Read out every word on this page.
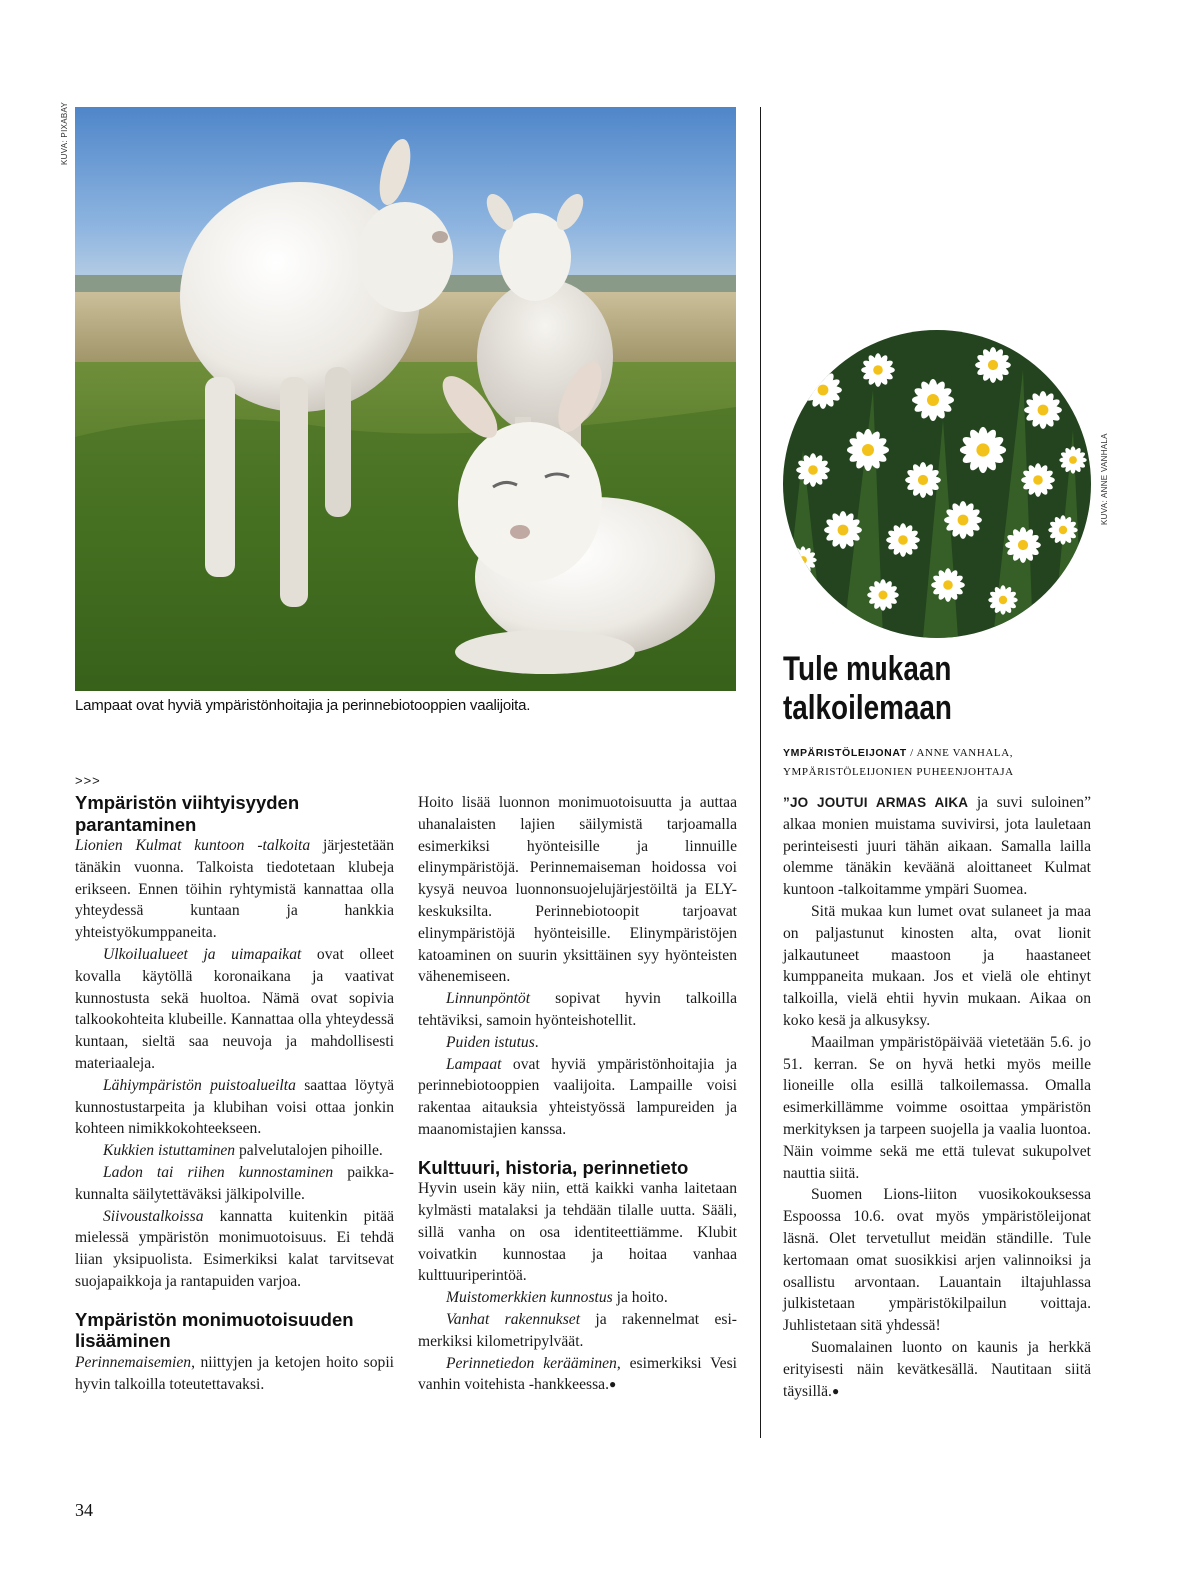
KUVA: PIXABAY
KUVA: ANNE VANHALA
Lampaat ovat hyviä ympäristönhoitajia ja perinnebiotooppien vaalijoita.
Tule mukaan
talkoilemaan
YMPÄRISTÖLEIJONAT / ANNE VANHALA,
YMPÄRISTÖLEIJONIEN PUHEENJOHTAJA
>>>
Ympäristön viihtyisyyden parantaminen

Lionien Kulmat kuntoon -talkoita järjestetään tänäkin vuonna. Talkoista tiedotetaan klubeja erikseen. Ennen töihin ryhtymistä kannattaa olla yhteydessä kuntaan ja hankkia yhteistyökumppaneita.

Ulkoilualueet ja uimapaikat ovat olleet kovalla käytöllä koronaikana ja vaativat kunnostusta sekä huoltoa. Nämä ovat sopivia talkookohteita klubeille. Kannattaa olla yhteydessä kuntaan, sieltä saa neuvoja ja mahdollisesti materiaaleja.

Lähiympäristön puistoalueilta saattaa löytyä kunnostustarpeita ja klubihan voisi ottaa jonkin kohteen nimikkokohteekseen.

Kukkien istuttaminen palvelutalojen pihoille.

Ladon tai riihen kunnostaminen paikkakunnalta säilytettäväksi jälkipolville.

Siivoustalkoissa kannatta kuitenkin pitää mielessä ympäristön monimuotoisuus. Ei tehdä liian yksipuolista. Esimerkiksi kalat tarvitsevat suojapaikkoja ja rantapuiden varjoa.

Ympäristön monimuotoisuuden lisääminen

Perinnemaisemien, niittyjen ja ketojen hoito sopii hyvin talkoilla toteutettavaksi.

Hoito lisää luonnon monimuotoisuutta ja auttaa uhanalaisten lajien säilymistä tarjoamalla esimerkiksi hyönteisille ja linnuille elinympäristöjä. Perinnemaiseman hoidossa voi kysyä neuvoa luonnonsuojelujärjestöiltä ja ELY-keskuksilta. Perinnebiotoopit tarjoavat elinympäristöjä hyönteisille. Elinympäristöjen katoaminen on suurin yksittäinen syy hyönteisten vähenemiseen.

Linnunpöntöt sopivat hyvin talkoilla tehtäviksi, samoin hyönteishotellit.

Puiden istutus.

Lampaat ovat hyviä ympäristönhoitajia ja perinnebiotooppien vaalijoita. Lampaille voisi rakentaa aitauksia yhteistyössä lampureiden ja maanomistajien kanssa.

Kulttuuri, historia, perinnetieto

Hyvin usein käy niin, että kaikki vanha laitetaan kylmästi matalaksi ja tehdään tilalle uutta. Sääli, sillä vanha on osa identiteettiämme. Klubit voivatkin kunnostaa ja hoitaa vanhaa kulttuuriperintöä.

Muistomerkkien kunnostus ja hoito.

Vanhat rakennukset ja rakennelmat esimerkiksi kilometripylväät.

Perinnetiedon kerääminen, esimerkiksi Vesi vanhin voitehista -hankkeessa.●

”JO JOUTUI ARMAS AIKA ja suvi suloinen” alkaa monien muistama suvivirsi, jota lauletaan perinteisesti juuri tähän aikaan. Samalla lailla olemme tänäkin keväänä aloittaneet Kulmat kuntoon -talkoitamme ympäri Suomea.

Sitä mukaa kun lumet ovat sulaneet ja maa on paljastunut kinosten alta, ovat lionit jalkautuneet maastoon ja haastaneet kumppaneita mukaan. Jos et vielä ole ehtinyt talkoilla, vielä ehtii hyvin mukaan. Aikaa on koko kesä ja alkusyksy.

Maailman ympäristöpäivää vietetään 5.6. jo 51. kerran. Se on hyvä hetki myös meille lioneille olla esillä talkoilemassa. Omalla esimerkillämme voimme osoittaa ympäristön merkityksen ja tarpeen suojella ja vaalia luontoa. Näin voimme sekä me että tulevat sukupolvet nauttia siitä.

Suomen Lions-liiton vuosikokouksessa Espoossa 10.6. ovat myös ympäristöleijonat läsnä. Olet tervetullut meidän ständille. Tule kertomaan omat suosikkisi arjen valinnoiksi ja osallistu arvontaan. Lauantain iltajuhlassa julkistetaan ympäristökilpailun voittaja. Juhlistetaan sitä yhdessä!

Suomalainen luonto on kaunis ja herkkä erityisesti näin kevätkesällä. Nautitaan siitä täysillä.●

34
